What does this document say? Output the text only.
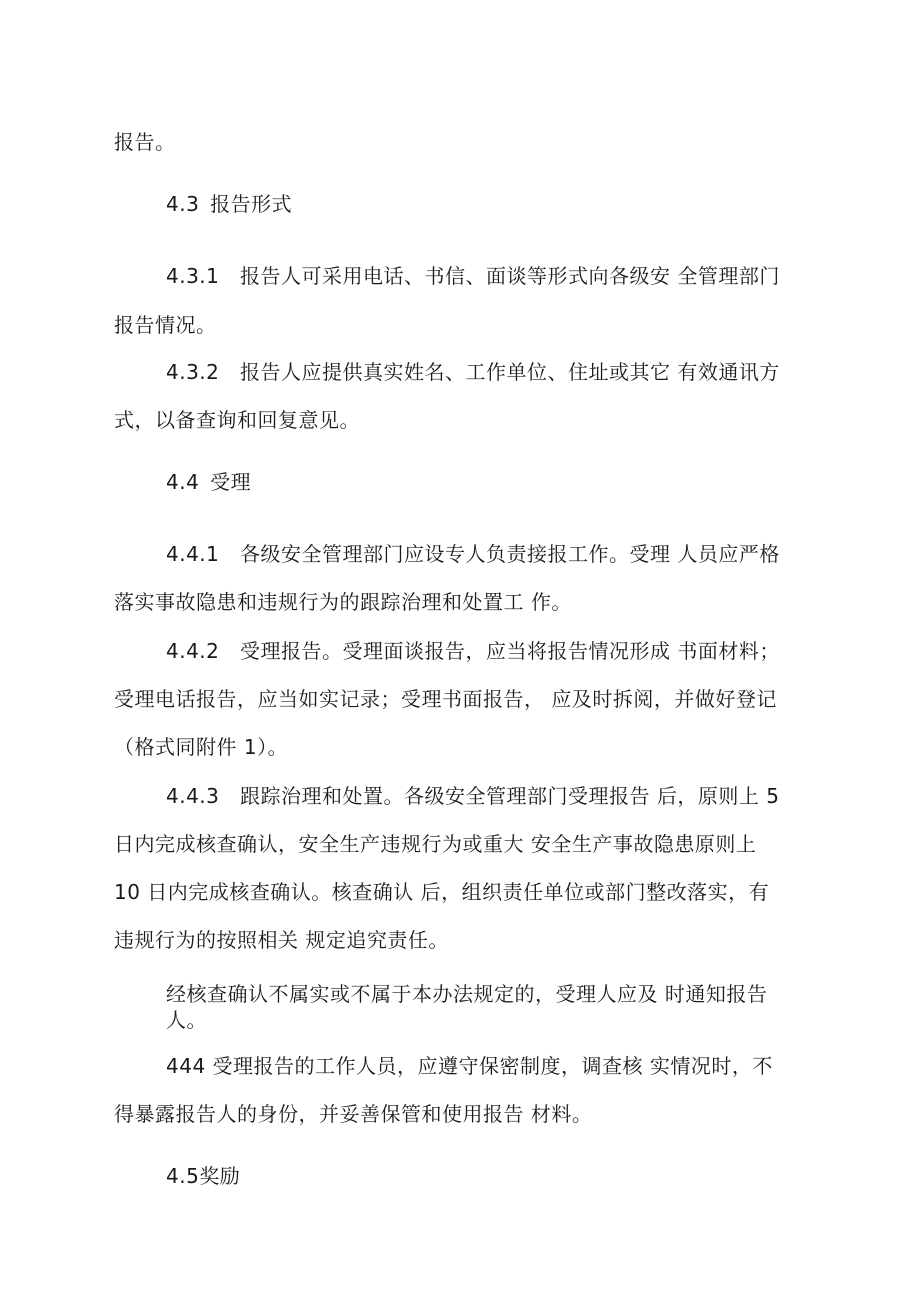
报告。
4.3 报告形式
4.3.1 报告人可采用电话、书信、面谈等形式向各级安 全管理部门
报告情况。
4.3.2 报告人应提供真实姓名、工作单位、住址或其它 有效通讯方
式，以备查询和回复意见。
4.4 受理
4.4.1 各级安全管理部门应设专人负责接报工作。受理 人员应严格
落实事故隐患和违规行为的跟踪治理和处置工 作。
4.4.2 受理报告。受理面谈报告，应当将报告情况形成 书面材料；
受理电话报告，应当如实记录；受理书面报告， 应及时拆阅，并做好登记
（格式同附件 1）。
4.4.3 跟踪治理和处置。各级安全管理部门受理报告 后，原则上 5
日内完成核查确认，安全生产违规行为或重大 安全生产事故隐患原则上
10 日内完成核查确认。核查确认 后，组织责任单位或部门整改落实，有
违规行为的按照相关 规定追究责任。
经核查确认不属实或不属于本办法规定的，受理人应及 时通知报告
人。
444 受理报告的工作人员，应遵守保密制度，调查核 实情况时，不
得暴露报告人的身份，并妥善保管和使用报告 材料。
4.5奖励
